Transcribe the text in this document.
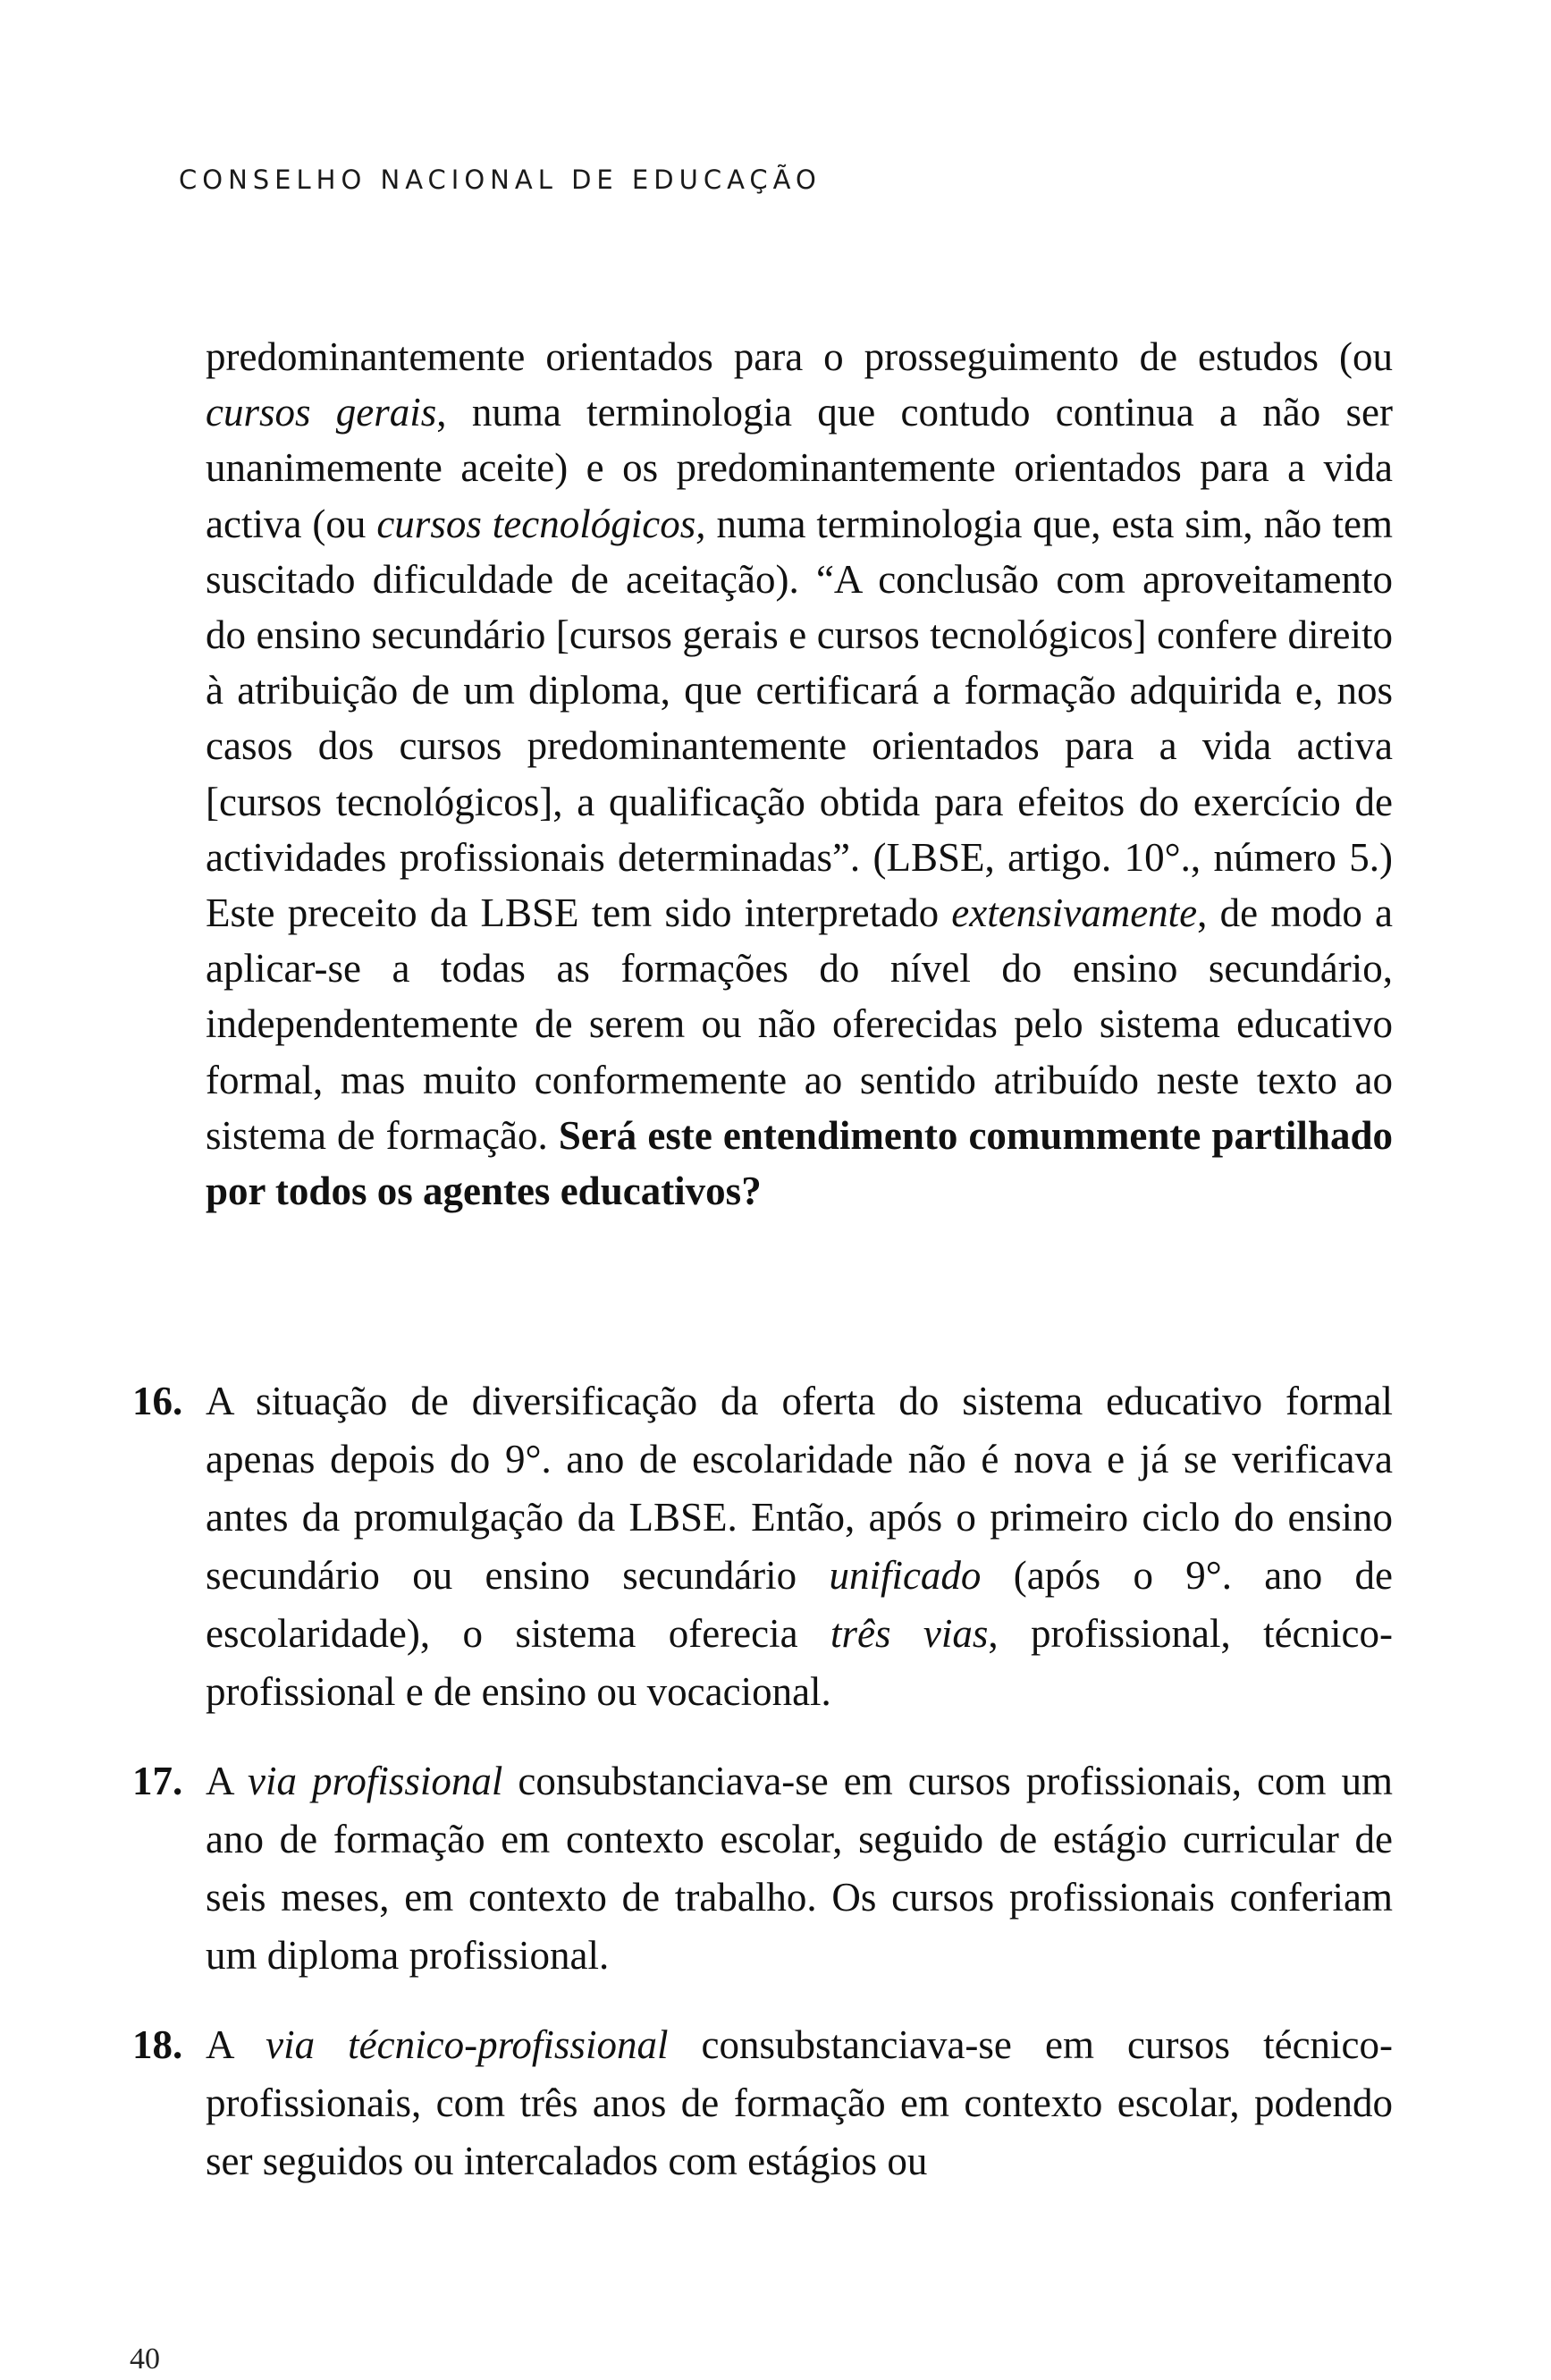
CONSELHO NACIONAL DE EDUCAÇÃO

predominantemente orientados para o prosseguimento de estudos (ou cursos gerais, numa terminologia que contudo continua a não ser unanimemente aceite) e os predominantemente orientados para a vida activa (ou cursos tecnológicos, numa terminologia que, esta sim, não tem suscitado dificuldade de aceitação). “A conclusão com aproveitamento do ensino secundário [cursos gerais e cursos tecnológicos] confere direito à atribuição de um diploma, que certificará a formação adquirida e, nos casos dos cursos predominantemente orientados para a vida activa [cursos tecnológicos], a qualificação obtida para efeitos do exercício de actividades profissionais determinadas”. (LBSE, artigo. 10°., número 5.) Este preceito da LBSE tem sido interpretado extensivamente, de modo a aplicar-se a todas as formações do nível do ensino secundário, independentemente de serem ou não oferecidas pelo sistema educativo formal, mas muito conformemente ao sentido atribuído neste texto ao sistema de formação. Será este entendimento comummente partilhado por todos os agentes educativos?

16. A situação de diversificação da oferta do sistema educativo formal apenas depois do 9°. ano de escolaridade não é nova e já se verificava antes da promulgação da LBSE. Então, após o primeiro ciclo do ensino secundário ou ensino secundário unificado (após o 9°. ano de escolaridade), o sistema oferecia três vias, profissional, técnico-profissional e de ensino ou vocacional.

17. A via profissional consubstanciava-se em cursos profissionais, com um ano de formação em contexto escolar, seguido de estágio curricular de seis meses, em contexto de trabalho. Os cursos profissionais conferiam um diploma profissional.

18. A via técnico-profissional consubstanciava-se em cursos técnico-profissionais, com três anos de formação em contexto escolar, podendo ser seguidos ou intercalados com estágios ou

40
